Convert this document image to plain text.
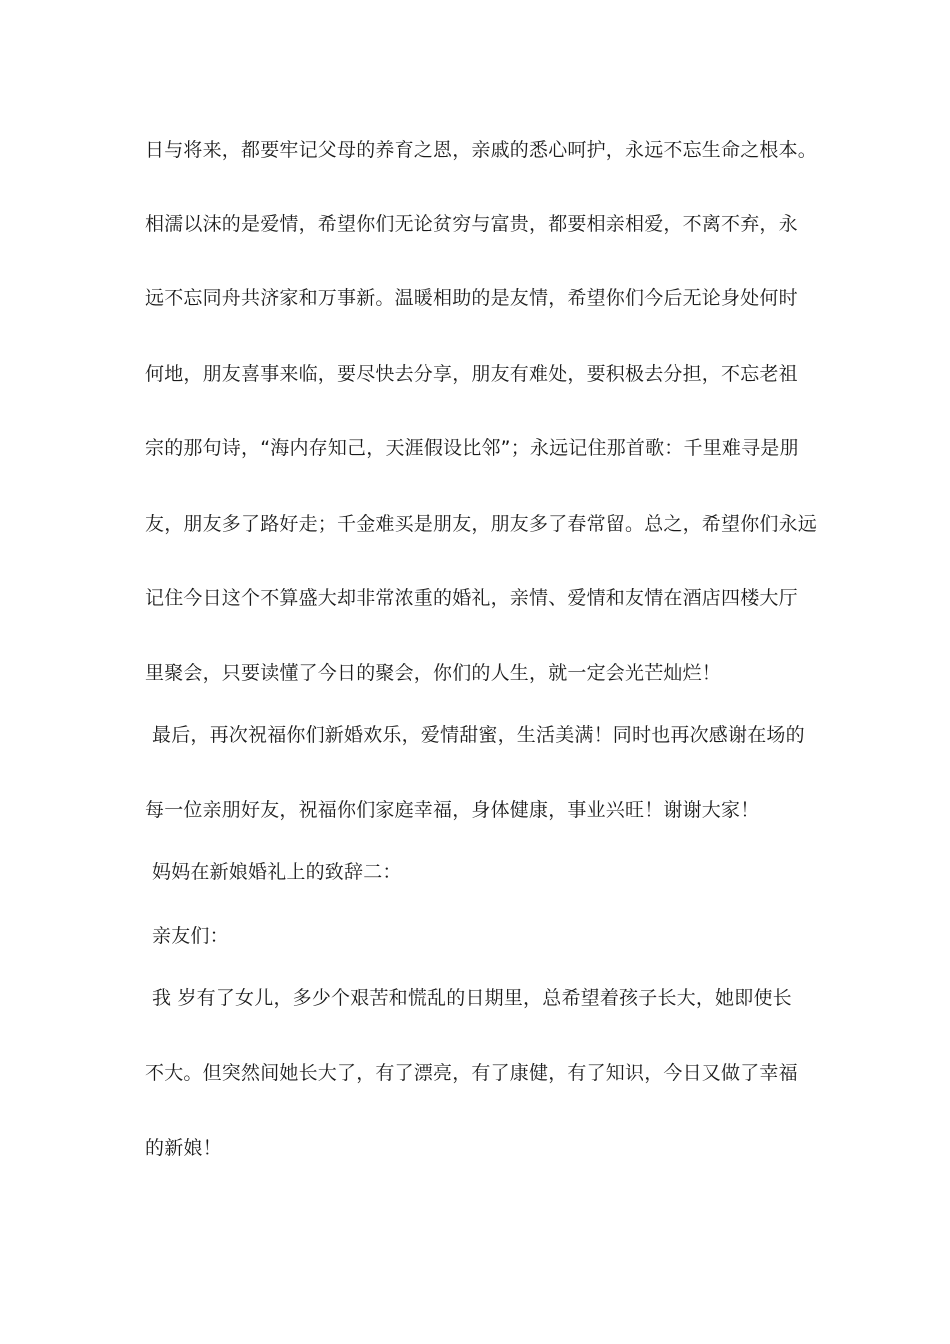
日与将来，都要牢记父母的养育之恩，亲戚的悉心呵护，永远不忘生命之根本。
相濡以沫的是爱情，希望你们无论贫穷与富贵，都要相亲相爱，不离不弃，永
远不忘同舟共济家和万事新。温暖相助的是友情，希望你们今后无论身处何时
何地，朋友喜事来临，要尽快去分享，朋友有难处，要积极去分担，不忘老祖
宗的那句诗，“海内存知己，天涯假设比邻”；永远记住那首歌：千里难寻是朋
友，朋友多了路好走；千金难买是朋友，朋友多了春常留。总之，希望你们永远
记住今日这个不算盛大却非常浓重的婚礼，亲情、爱情和友情在酒店四楼大厅
里聚会，只要读懂了今日的聚会，你们的人生，就一定会光芒灿烂！
最后，再次祝福你们新婚欢乐，爱情甜蜜，生活美满！同时也再次感谢在场的
每一位亲朋好友，祝福你们家庭幸福，身体健康，事业兴旺！谢谢大家！
妈妈在新娘婚礼上的致辞二：
亲友们：
我 岁有了女儿，多少个艰苦和慌乱的日期里，总希望着孩子长大，她即使长
不大。但突然间她长大了，有了漂亮，有了康健，有了知识，今日又做了幸福
的新娘！
